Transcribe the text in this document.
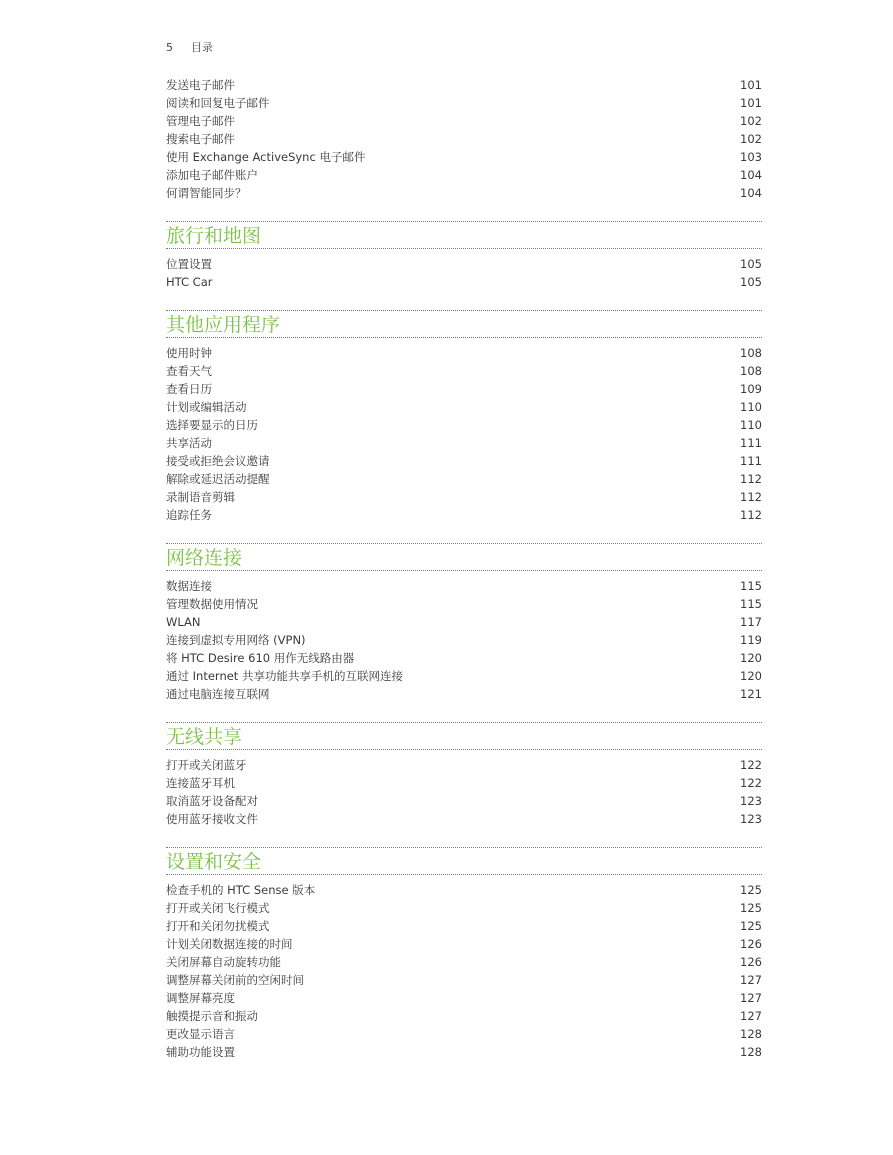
5 目录
发送电子邮件	101
阅读和回复电子邮件	101
管理电子邮件	102
搜索电子邮件	102
使用 Exchange ActiveSync 电子邮件	103
添加电子邮件账户	104
何谓智能同步？	104
旅行和地图
位置设置	105
HTC Car	105
其他应用程序
使用时钟	108
查看天气	108
查看日历	109
计划或编辑活动	110
选择要显示的日历	110
共享活动	111
接受或拒绝会议邀请	111
解除或延迟活动提醒	112
录制语音剪辑	112
追踪任务	112
网络连接
数据连接	115
管理数据使用情况	115
WLAN	117
连接到虚拟专用网络 (VPN)	119
将 HTC Desire 610 用作无线路由器	120
通过 Internet 共享功能共享手机的互联网连接	120
通过电脑连接互联网	121
无线共享
打开或关闭蓝牙	122
连接蓝牙耳机	122
取消蓝牙设备配对	123
使用蓝牙接收文件	123
设置和安全
检查手机的 HTC Sense 版本	125
打开或关闭飞行模式	125
打开和关闭勿扰模式	125
计划关闭数据连接的时间	126
关闭屏幕自动旋转功能	126
调整屏幕关闭前的空闲时间	127
调整屏幕亮度	127
触摸提示音和振动	127
更改显示语言	128
辅助功能设置	128
